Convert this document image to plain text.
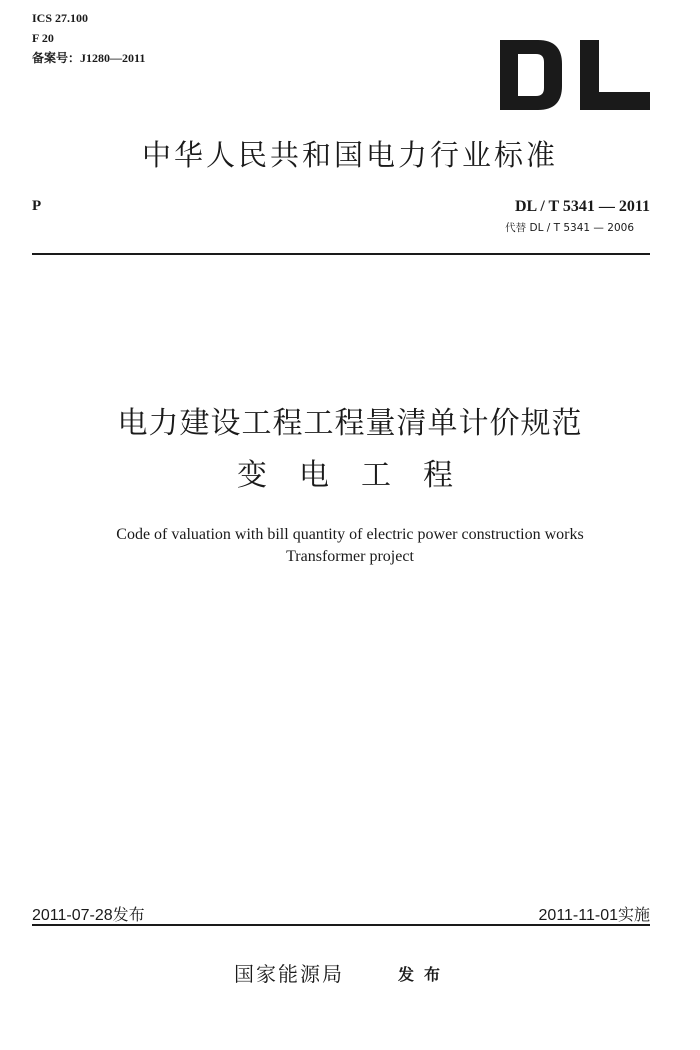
ICS 27.100
F 20
备案号：J1280—2011
中华人民共和国电力行业标准
P	DL / T 5341 — 2011
代替 DL / T 5341 — 2006
电力建设工程工程量清单计价规范
变电工程
Code of valuation with bill quantity of electric power construction works
Transformer project
2011-07-28发布	2011-11-01实施
国家能源局	发布
